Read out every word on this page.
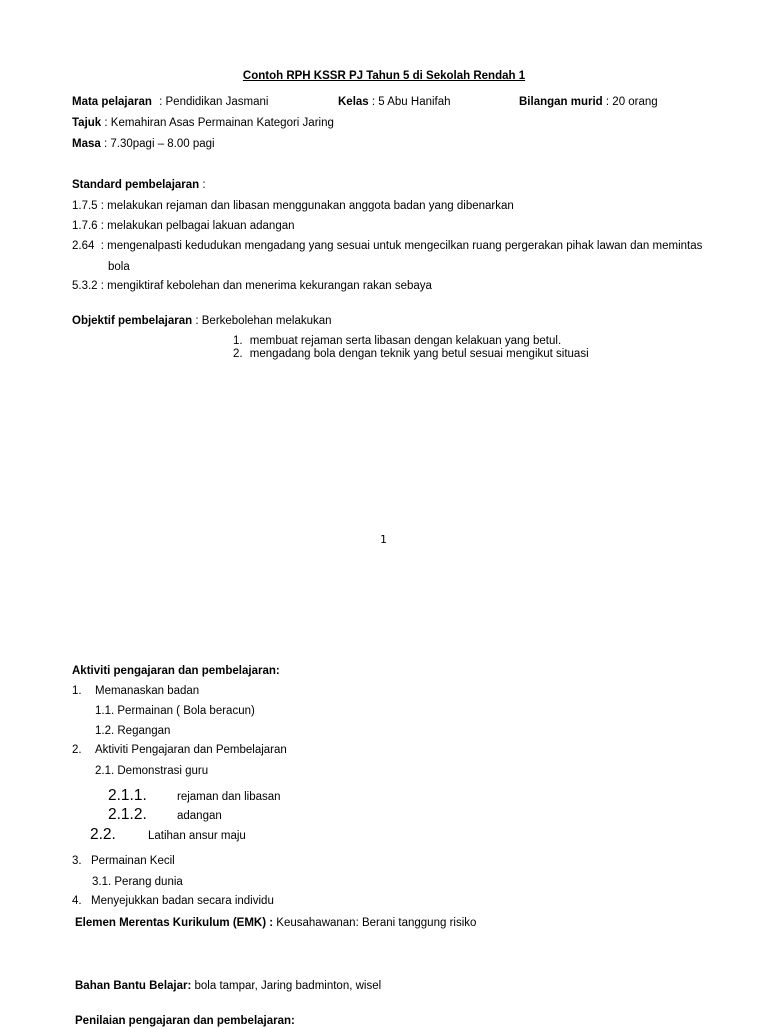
Contoh RPH KSSR PJ Tahun 5 di Sekolah Rendah 1
Mata pelajaran : Pendidikan Jasmani	Kelas : 5 Abu Hanifah	Bilangan murid : 20 orang
Tajuk : Kemahiran Asas Permainan Kategori Jaring
Masa : 7.30pagi – 8.00 pagi
Standard pembelajaran :
1.7.5 : melakukan rejaman dan libasan menggunakan anggota badan yang dibenarkan
1.7.6 : melakukan pelbagai lakuan adangan
2.64  : mengenalpasti kedudukan mengadang yang sesuai untuk mengecilkan ruang pergerakan pihak lawan dan memintas
bola
5.3.2 : mengiktiraf kebolehan dan menerima kekurangan rakan sebaya
Objektif pembelajaran : Berkebolehan melakukan
1. membuat rejaman serta libasan dengan kelakuan yang betul.
2. mengadang bola dengan teknik yang betul sesuai mengikut situasi
1
Aktiviti pengajaran dan pembelajaran:
1. Memanaskan badan
1.1. Permainan ( Bola beracun)
1.2. Regangan
2. Aktiviti Pengajaran dan Pembelajaran
2.1. Demonstrasi guru
2.1.1.	rejaman dan libasan
2.1.2.	adangan
2.2.	Latihan ansur maju
3. Permainan Kecil
3.1. Perang dunia
4. Menyejukkan badan secara individu
Elemen Merentas Kurikulum (EMK) : Keusahawanan: Berani tanggung risiko
Bahan Bantu Belajar: bola tampar, Jaring badminton, wisel
Penilaian pengajaran dan pembelajaran:
